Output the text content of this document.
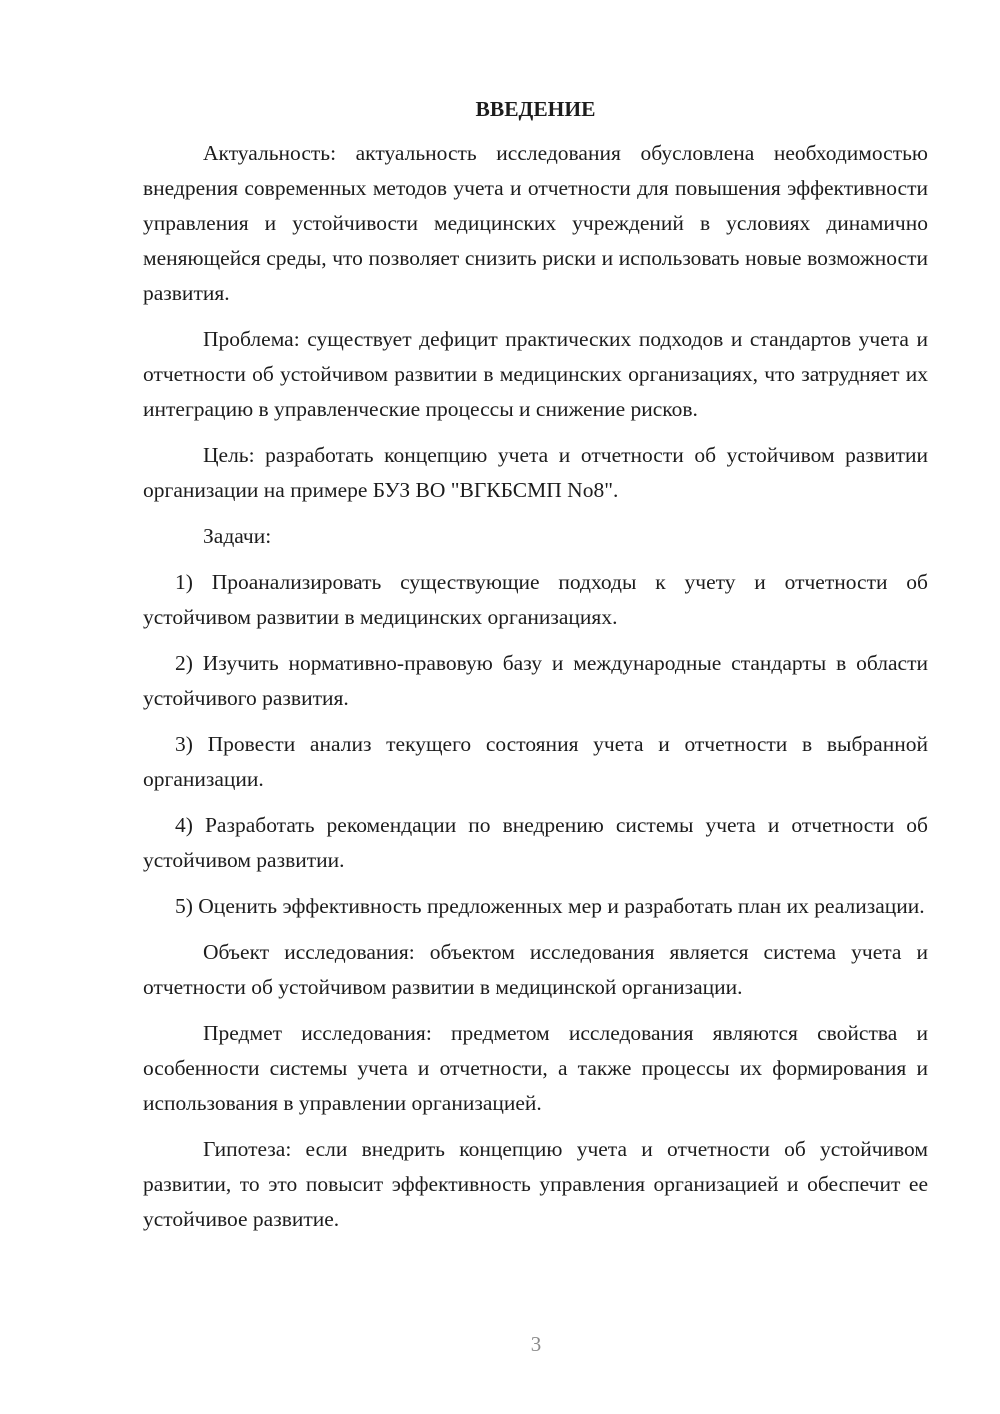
ВВЕДЕНИЕ

Актуальность: актуальность исследования обусловлена необходимостью внедрения современных методов учета и отчетности для повышения эффективности управления и устойчивости медицинских учреждений в условиях динамично меняющейся среды, что позволяет снизить риски и использовать новые возможности развития.

Проблема: существует дефицит практических подходов и стандартов учета и отчетности об устойчивом развитии в медицинских организациях, что затрудняет их интеграцию в управленческие процессы и снижение рисков.

Цель: разработать концепцию учета и отчетности об устойчивом развитии организации на примере БУЗ ВО "ВГКБСМП No8".

Задачи:

1) Проанализировать существующие подходы к учету и отчетности об устойчивом развитии в медицинских организациях.

2) Изучить нормативно-правовую базу и международные стандарты в области устойчивого развития.

3) Провести анализ текущего состояния учета и отчетности в выбранной организации.

4) Разработать рекомендации по внедрению системы учета и отчетности об устойчивом развитии.

5) Оценить эффективность предложенных мер и разработать план их реализации.

Объект исследования: объектом исследования является система учета и отчетности об устойчивом развитии в медицинской организации.

Предмет исследования: предметом исследования являются свойства и особенности системы учета и отчетности, а также процессы их формирования и использования в управлении организацией.

Гипотеза: если внедрить концепцию учета и отчетности об устойчивом развитии, то это повысит эффективность управления организацией и обеспечит ее устойчивое развитие.

3
